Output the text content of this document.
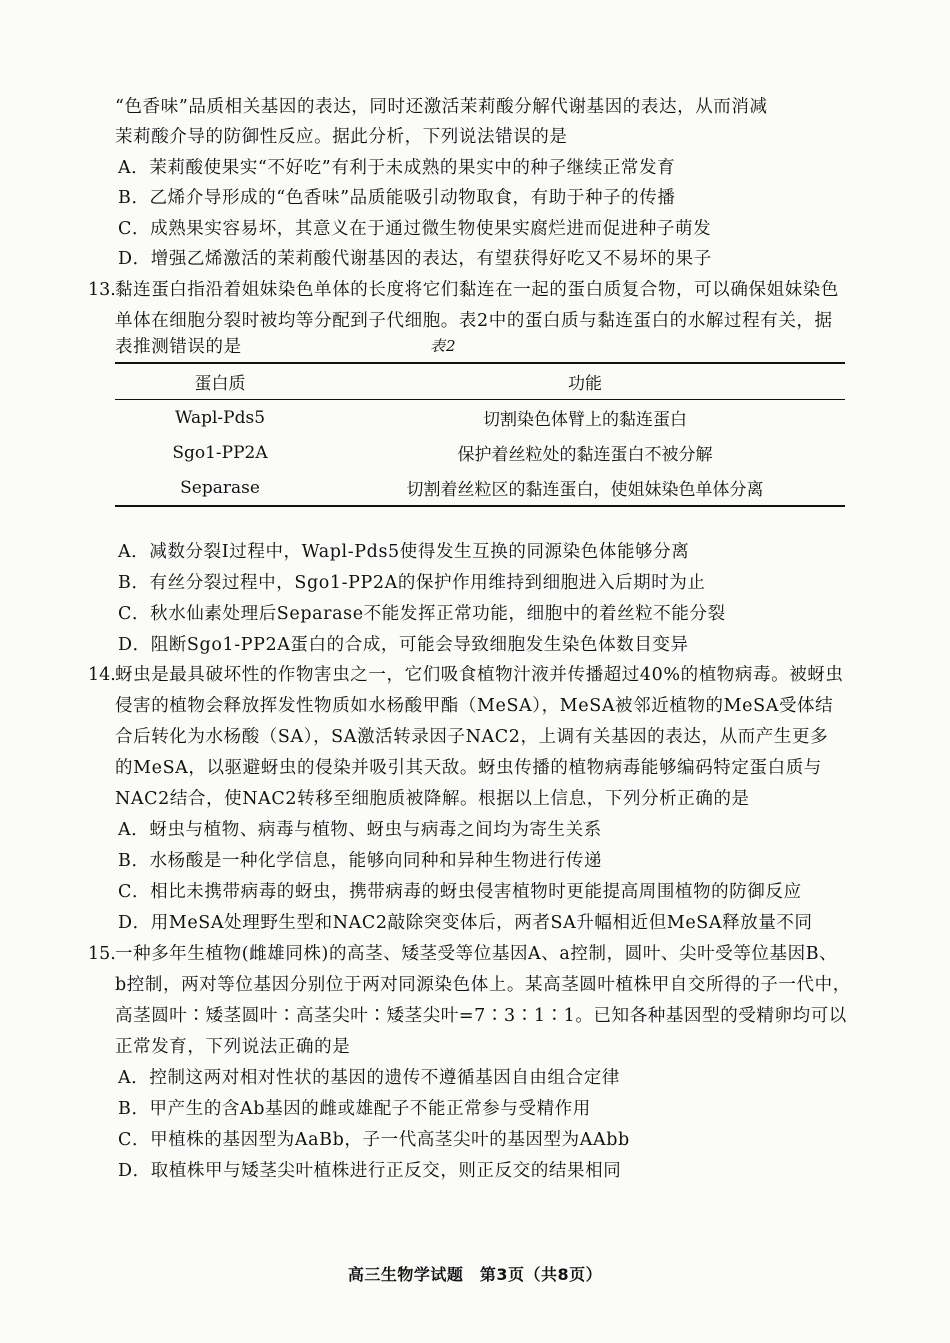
“色香味”品质相关基因的表达，同时还激活茉莉酸分解代谢基因的表达，从而消减
茉莉酸介导的防御性反应。据此分析，下列说法错误的是
A．茉莉酸使果实“不好吃”有利于未成熟的果实中的种子继续正常发育
B．乙烯介导形成的“色香味”品质能吸引动物取食，有助于种子的传播
C．成熟果实容易坏，其意义在于通过微生物使果实腐烂进而促进种子萌发
D．增强乙烯激活的茉莉酸代谢基因的表达，有望获得好吃又不易坏的果子
13. 黏连蛋白指沿着姐妹染色单体的长度将它们黏连在一起的蛋白质复合物，可以确保姐妹染色
单体在细胞分裂时被均等分配到子代细胞。表2中的蛋白质与黏连蛋白的水解过程有关，据
表推测错误的是	表2
蛋白质	功能
Wapl-Pds5	切割染色体臂上的黏连蛋白
Sgo1-PP2A	保护着丝粒处的黏连蛋白不被分解
Separase	切割着丝粒区的黏连蛋白，使姐妹染色单体分离
A．减数分裂Ⅰ过程中，Wapl-Pds5使得发生互换的同源染色体能够分离
B．有丝分裂过程中，Sgo1-PP2A的保护作用维持到细胞进入后期时为止
C．秋水仙素处理后Separase不能发挥正常功能，细胞中的着丝粒不能分裂
D．阻断Sgo1-PP2A蛋白的合成，可能会导致细胞发生染色体数目变异
14. 蚜虫是最具破坏性的作物害虫之一，它们吸食植物汁液并传播超过40%的植物病毒。被蚜虫
侵害的植物会释放挥发性物质如水杨酸甲酯（MeSA），MeSA被邻近植物的MeSA受体结
合后转化为水杨酸（SA），SA激活转录因子NAC2，上调有关基因的表达，从而产生更多
的MeSA，以驱避蚜虫的侵染并吸引其天敌。蚜虫传播的植物病毒能够编码特定蛋白质与
NAC2结合，使NAC2转移至细胞质被降解。根据以上信息，下列分析正确的是
A．蚜虫与植物、病毒与植物、蚜虫与病毒之间均为寄生关系
B．水杨酸是一种化学信息，能够向同种和异种生物进行传递
C．相比未携带病毒的蚜虫，携带病毒的蚜虫侵害植物时更能提高周围植物的防御反应
D．用MeSA处理野生型和NAC2敲除突变体后，两者SA升幅相近但MeSA释放量不同
15. 一种多年生植物(雌雄同株)的高茎、矮茎受等位基因A、a控制，圆叶、尖叶受等位基因B、
b控制，两对等位基因分别位于两对同源染色体上。某高茎圆叶植株甲自交所得的子一代中，
高茎圆叶∶矮茎圆叶∶高茎尖叶∶矮茎尖叶=7∶3∶1∶1。已知各种基因型的受精卵均可以
正常发育，下列说法正确的是
A．控制这两对相对性状的基因的遗传不遵循基因自由组合定律
B．甲产生的含Ab基因的雌或雄配子不能正常参与受精作用
C．甲植株的基因型为AaBb，子一代高茎尖叶的基因型为AAbb
D．取植株甲与矮茎尖叶植株进行正反交，则正反交的结果相同
高三生物学试题　第3页（共8页）
